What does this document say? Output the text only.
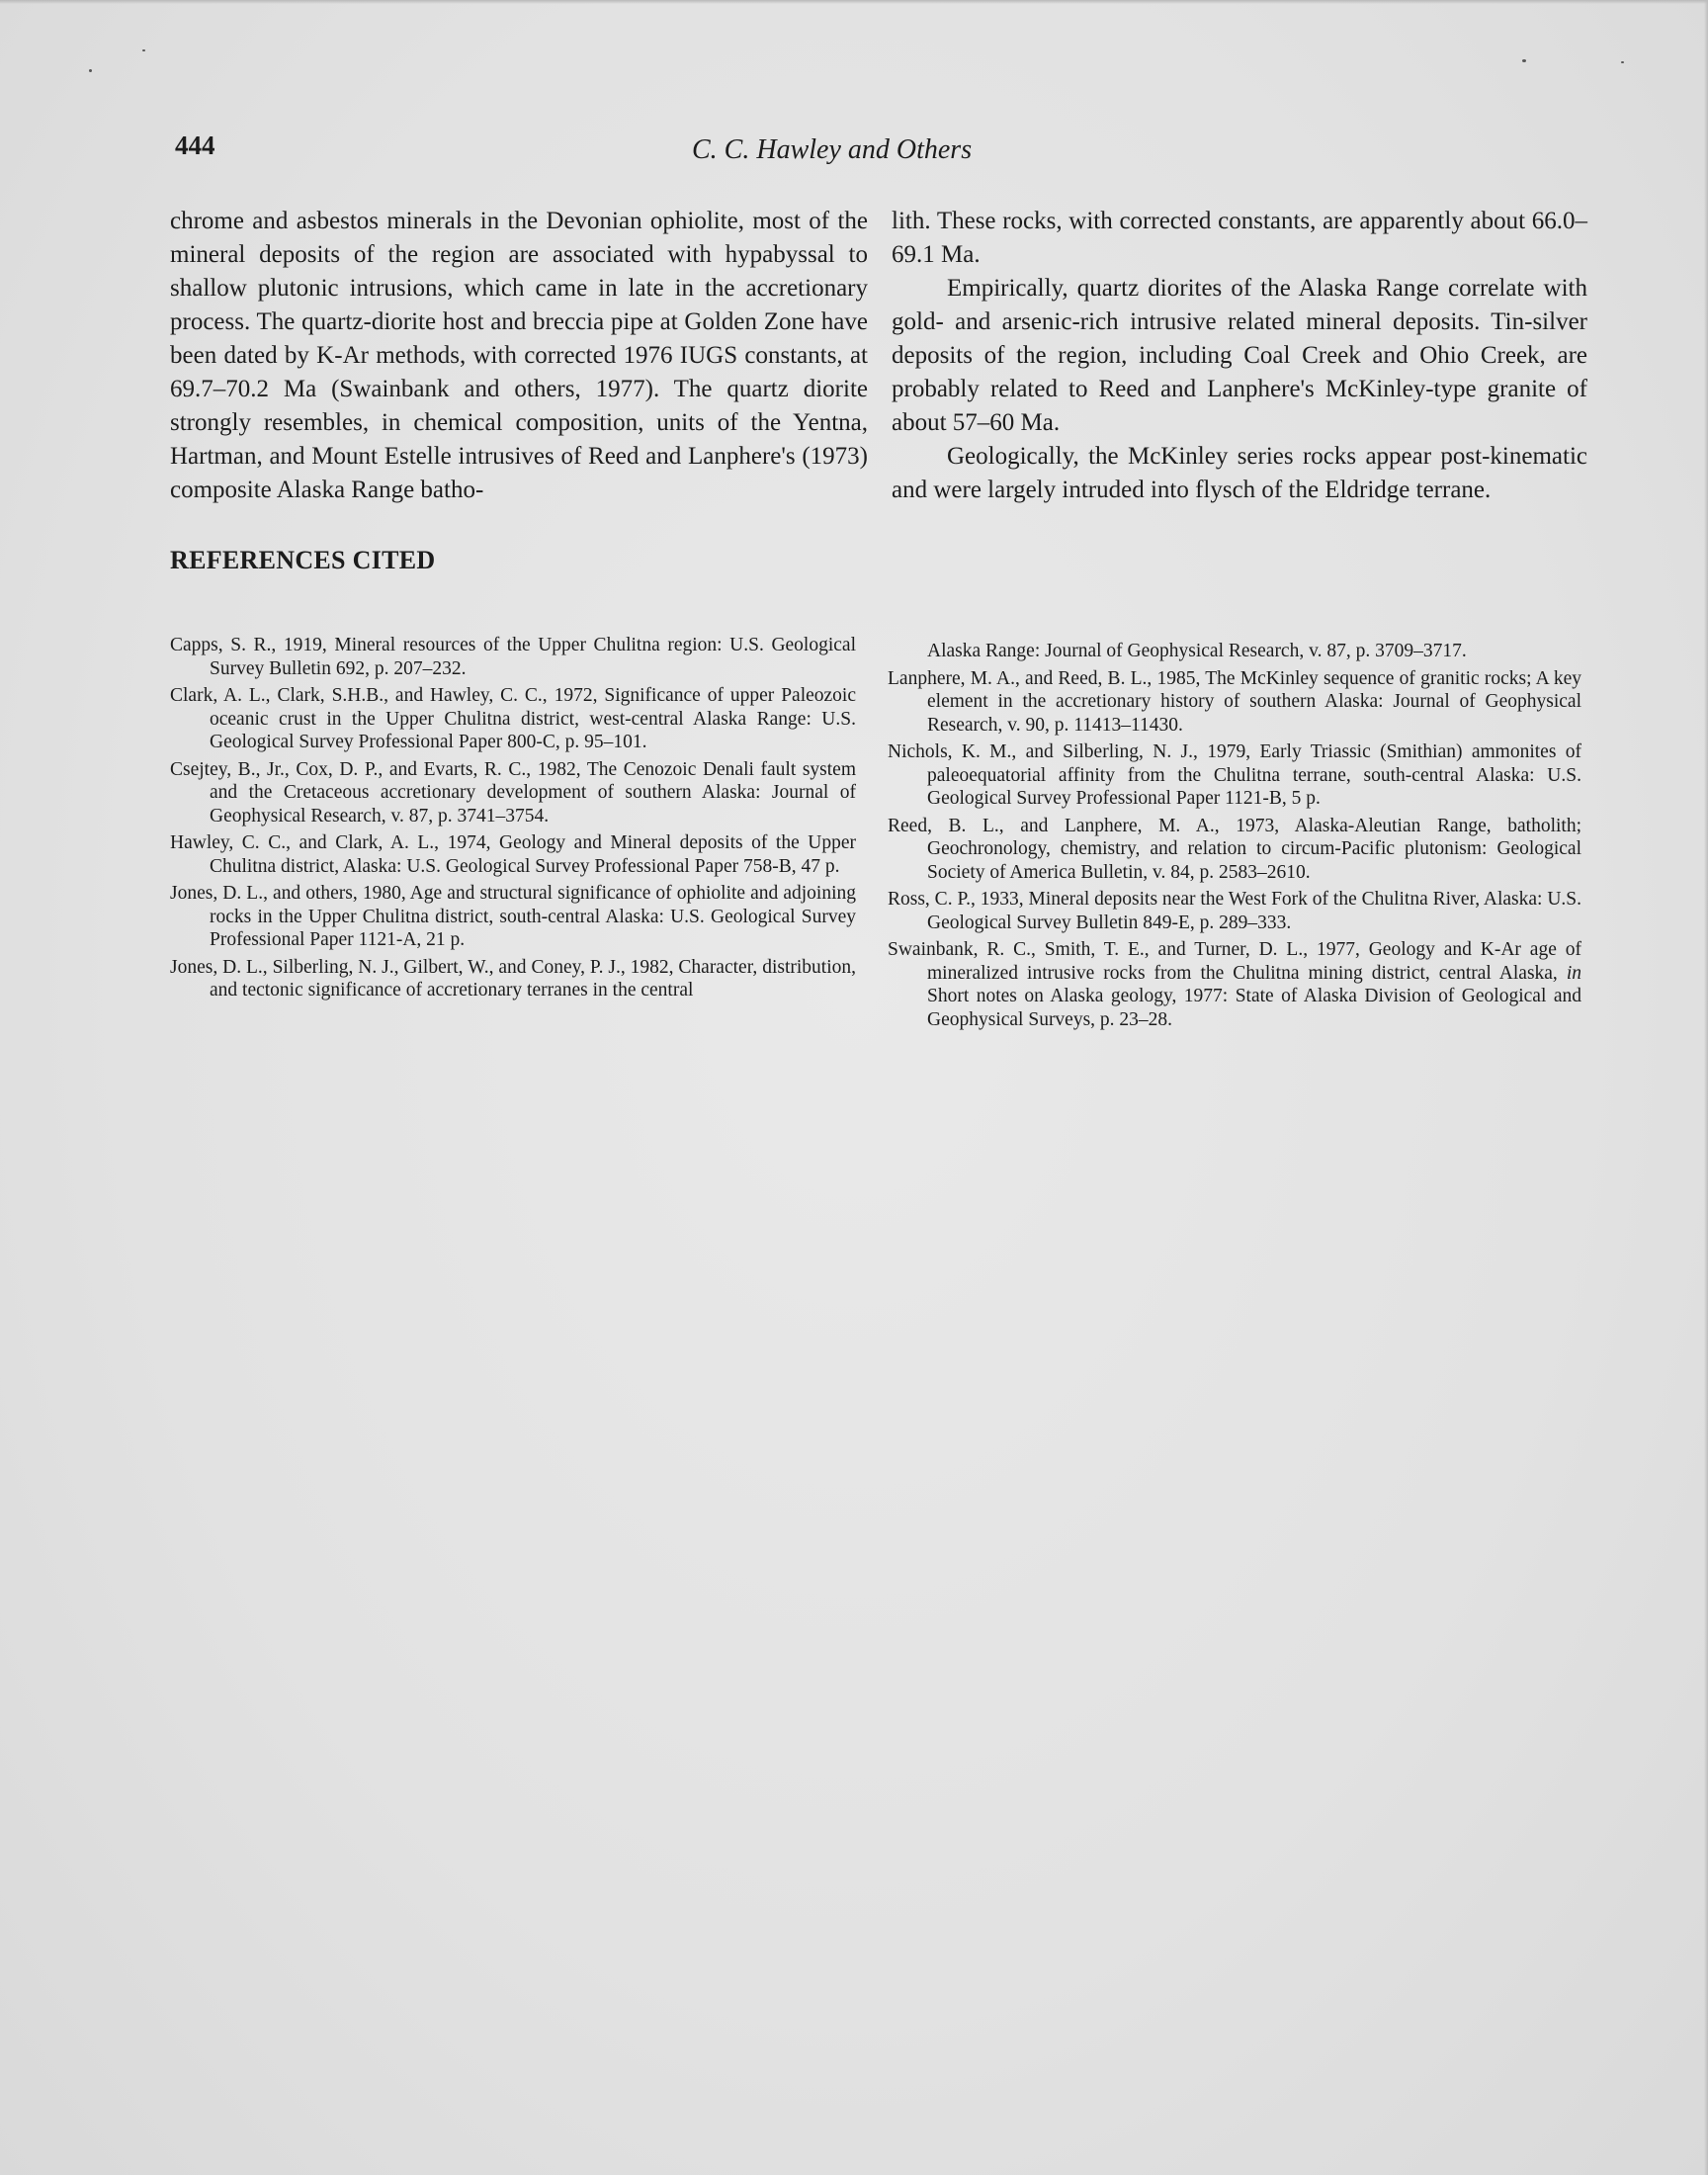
444	C. C. Hawley and Others

chrome and asbestos minerals in the Devonian ophiolite, most of the mineral deposits of the region are associated with hypabyssal to shallow plutonic intrusions, which came in late in the accretionary process. The quartz-diorite host and breccia pipe at Golden Zone have been dated by K-Ar methods, with corrected 1976 IUGS constants, at 69.7–70.2 Ma (Swainbank and others, 1977). The quartz diorite strongly resembles, in chemical composition, units of the Yentna, Hartman, and Mount Estelle intrusives of Reed and Lanphere's (1973) composite Alaska Range batho-

lith. These rocks, with corrected constants, are apparently about 66.0–69.1 Ma.

Empirically, quartz diorites of the Alaska Range correlate with gold- and arsenic-rich intrusive related mineral deposits. Tin-silver deposits of the region, including Coal Creek and Ohio Creek, are probably related to Reed and Lanphere's McKinley-type granite of about 57–60 Ma.

Geologically, the McKinley series rocks appear post-kinematic and were largely intruded into flysch of the Eldridge terrane.

REFERENCES CITED

Capps, S. R., 1919, Mineral resources of the Upper Chulitna region: U.S. Geological Survey Bulletin 692, p. 207–232.

Clark, A. L., Clark, S.H.B., and Hawley, C. C., 1972, Significance of upper Paleozoic oceanic crust in the Upper Chulitna district, west-central Alaska Range: U.S. Geological Survey Professional Paper 800-C, p. 95–101.

Csejtey, B., Jr., Cox, D. P., and Evarts, R. C., 1982, The Cenozoic Denali fault system and the Cretaceous accretionary development of southern Alaska: Journal of Geophysical Research, v. 87, p. 3741–3754.

Hawley, C. C., and Clark, A. L., 1974, Geology and Mineral deposits of the Upper Chulitna district, Alaska: U.S. Geological Survey Professional Paper 758-B, 47 p.

Jones, D. L., and others, 1980, Age and structural significance of ophiolite and adjoining rocks in the Upper Chulitna district, south-central Alaska: U.S. Geological Survey Professional Paper 1121-A, 21 p.

Jones, D. L., Silberling, N. J., Gilbert, W., and Coney, P. J., 1982, Character, distribution, and tectonic significance of accretionary terranes in the central

Alaska Range: Journal of Geophysical Research, v. 87, p. 3709–3717.

Lanphere, M. A., and Reed, B. L., 1985, The McKinley sequence of granitic rocks; A key element in the accretionary history of southern Alaska: Journal of Geophysical Research, v. 90, p. 11413–11430.

Nichols, K. M., and Silberling, N. J., 1979, Early Triassic (Smithian) ammonites of paleoequatorial affinity from the Chulitna terrane, south-central Alaska: U.S. Geological Survey Professional Paper 1121-B, 5 p.

Reed, B. L., and Lanphere, M. A., 1973, Alaska-Aleutian Range, batholith; Geochronology, chemistry, and relation to circum-Pacific plutonism: Geological Society of America Bulletin, v. 84, p. 2583–2610.

Ross, C. P., 1933, Mineral deposits near the West Fork of the Chulitna River, Alaska: U.S. Geological Survey Bulletin 849-E, p. 289–333.

Swainbank, R. C., Smith, T. E., and Turner, D. L., 1977, Geology and K-Ar age of mineralized intrusive rocks from the Chulitna mining district, central Alaska, in Short notes on Alaska geology, 1977: State of Alaska Division of Geological and Geophysical Surveys, p. 23–28.
